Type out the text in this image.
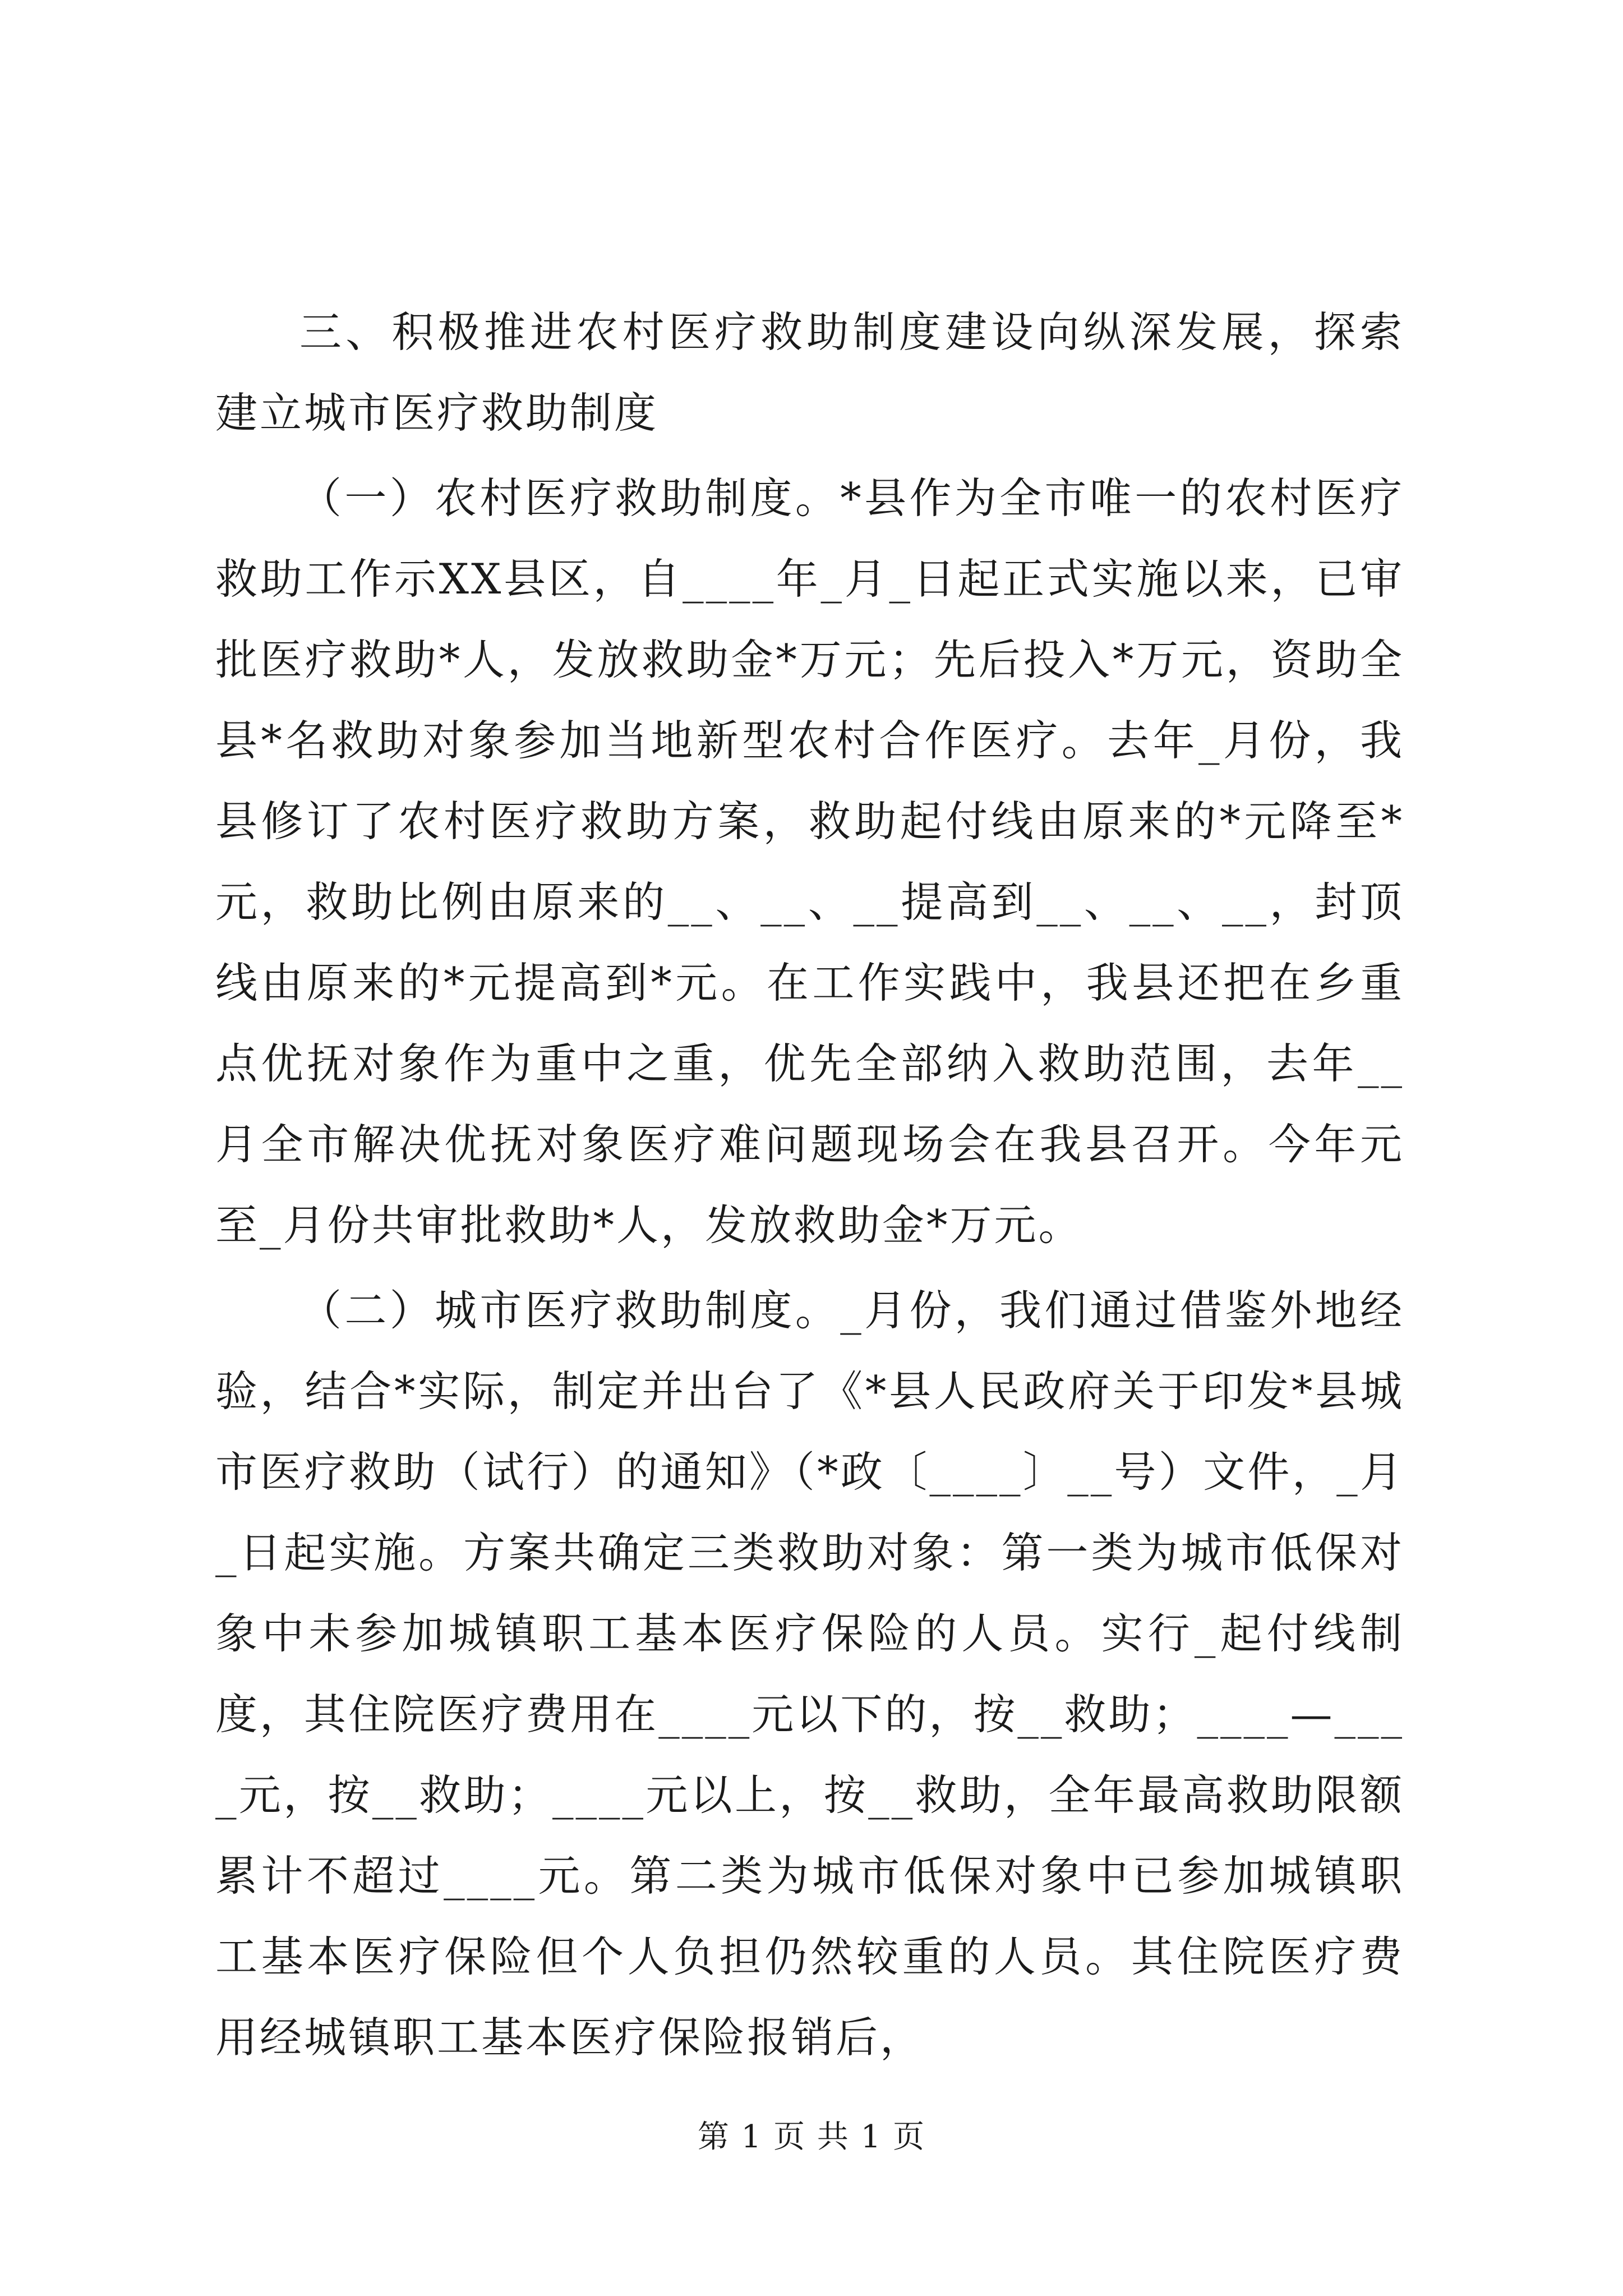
三、积极推进农村医疗救助制度建设向纵深发展，探索建立城市医疗救助制度

（一）农村医疗救助制度。*县作为全市唯一的农村医疗救助工作示XX县区，自____年_月_日起正式实施以来，已审批医疗救助*人，发放救助金*万元；先后投入*万元，资助全县*名救助对象参加当地新型农村合作医疗。去年_月份，我县修订了农村医疗救助方案，救助起付线由原来的*元降至*元，救助比例由原来的__、__、__提高到__、__、__，封顶线由原来的*元提高到*元。在工作实践中，我县还把在乡重点优抚对象作为重中之重，优先全部纳入救助范围，去年__月全市解决优抚对象医疗难问题现场会在我县召开。今年元至_月份共审批救助*人，发放救助金*万元。

（二）城市医疗救助制度。_月份，我们通过借鉴外地经验，结合*实际，制定并出台了《*县人民政府关于印发*县城市医疗救助（试行）的通知》（*政〔____〕__号）文件，_月_日起实施。方案共确定三类救助对象：第一类为城市低保对象中未参加城镇职工基本医疗保险的人员。实行_起付线制度，其住院医疗费用在____元以下的，按__救助；____—____元，按__救助；____元以上，按__救助，全年最高救助限额累计不超过____元。第二类为城市低保对象中已参加城镇职工基本医疗保险但个人负担仍然较重的人员。其住院医疗费用经城镇职工基本医疗保险报销后，

第 1 页 共 1 页
